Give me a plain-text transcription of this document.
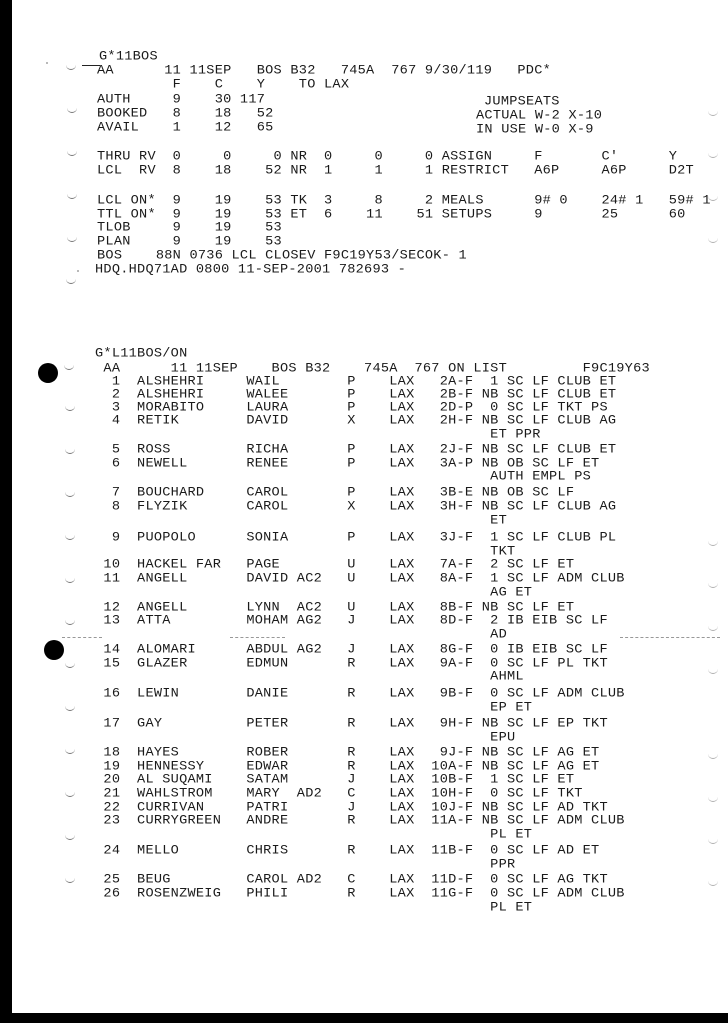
G*11BOS
AA      11 11SEP   BOS B32   745A  767 9/30/119   PDC*
F    C    Y    TO LAX
AUTH     9    30 117
BOOKED   8    18   52
AVAIL    1    12   65
JUMPSEATS
ACTUAL W-2 X-10
IN USE W-0 X-9
THRU RV  0     0     0 NR  0     0     0 ASSIGN     F       C'      Y
LCL  RV  8    18    52 NR  1     1     1 RESTRICT   A6P     A6P     D2T
LCL ON*  9    19    53 TK  3     8     2 MEALS      9# 0    24# 1   59# 1
TTL ON*  9    19    53 ET  6    11    51 SETUPS     9       25      60
TLOB     9    19    53
PLAN     9    19    53
BOS    88N 0736 LCL CLOSEV F9C19Y53/SECOK- 1
HDQ.HDQ71AD 0800 11-SEP-2001 782693 -
G*L11BOS/ON
AA      11 11SEP    BOS B32    745A  767 ON LIST         F9C19Y63
1  ALSHEHRI     WAIL        P    LAX   2A-F  1 SC LF CLUB ET
2  ALSHEHRI     WALEE       P    LAX   2B-F NB SC LF CLUB ET
3  MORABITO     LAURA       P    LAX   2D-P  0 SC LF TKT PS
4  RETIK        DAVID       X    LAX   2H-F NB SC LF CLUB AG
ET PPR
5  ROSS         RICHA       P    LAX   2J-F NB SC LF CLUB ET
6  NEWELL       RENEE       P    LAX   3A-P NB OB SC LF ET
AUTH EMPL PS
7  BOUCHARD     CAROL       P    LAX   3B-E NB OB SC LF
8  FLYZIK       CAROL       X    LAX   3H-F NB SC LF CLUB AG
ET
9  PUOPOLO      SONIA       P    LAX   3J-F  1 SC LF CLUB PL
TKT
10  HACKEL FAR   PAGE        U    LAX   7A-F  2 SC LF ET
11  ANGELL       DAVID AC2   U    LAX   8A-F  1 SC LF ADM CLUB
AG ET
12  ANGELL       LYNN  AC2   U    LAX   8B-F NB SC LF ET
13  ATTA         MOHAM AG2   J    LAX   8D-F  2 IB EIB SC LF
AD
14  ALOMARI      ABDUL AG2   J    LAX   8G-F  0 IB EIB SC LF
15  GLAZER       EDMUN       R    LAX   9A-F  0 SC LF PL TKT
AHML
16  LEWIN        DANIE       R    LAX   9B-F  0 SC LF ADM CLUB
EP ET
17  GAY          PETER       R    LAX   9H-F NB SC LF EP TKT
EPU
18  HAYES        ROBER       R    LAX   9J-F NB SC LF AG ET
19  HENNESSY     EDWAR       R    LAX  10A-F NB SC LF AG ET
20  AL SUQAMI    SATAM       J    LAX  10B-F  1 SC LF ET
21  WAHLSTROM    MARY  AD2   C    LAX  10H-F  0 SC LF TKT
22  CURRIVAN     PATRI       J    LAX  10J-F NB SC LF AD TKT
23  CURRYGREEN   ANDRE       R    LAX  11A-F NB SC LF ADM CLUB
PL ET
24  MELLO        CHRIS       R    LAX  11B-F  0 SC LF AD ET
PPR
25  BEUG         CAROL AD2   C    LAX  11D-F  0 SC LF AG TKT
26  ROSENZWEIG   PHILI       R    LAX  11G-F  0 SC LF ADM CLUB
PL ET
